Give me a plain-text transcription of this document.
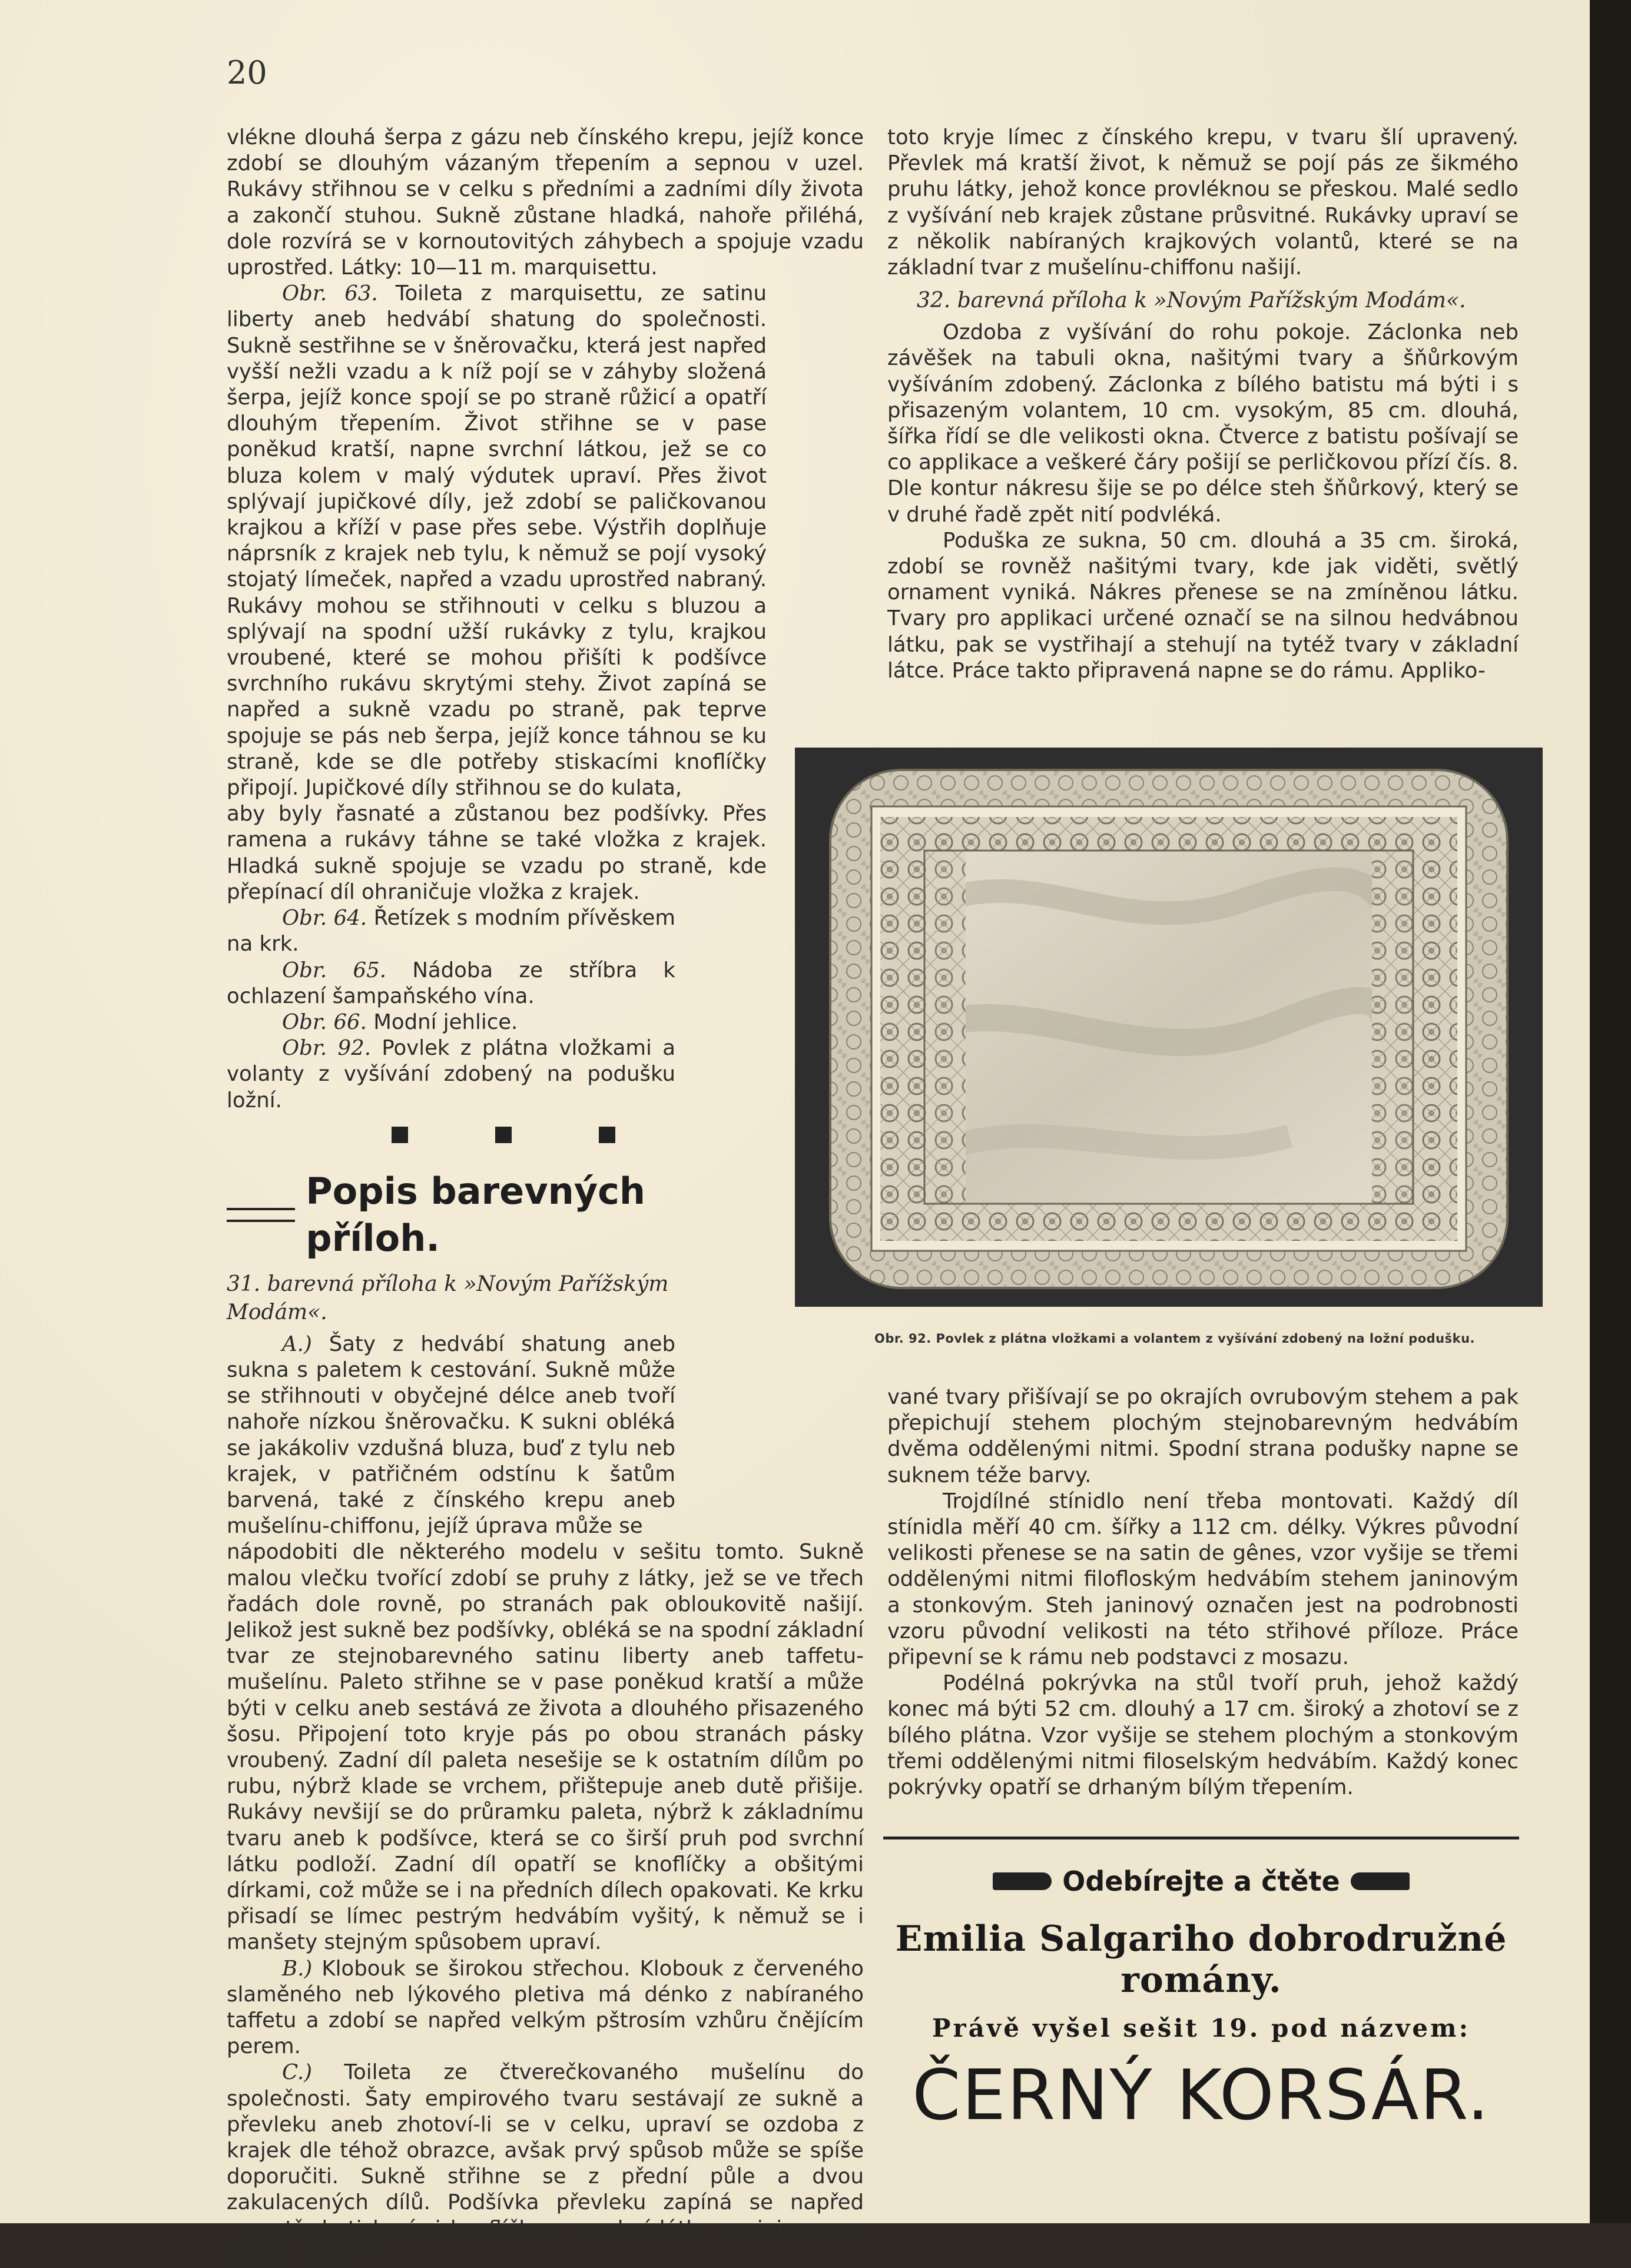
20

vlékne dlouhá šerpa z gázu neb čínského krepu, jejíž konce zdobí se dlouhým vázaným třepením a sepnou v uzel. Rukávy střihnou se v celku s předními a zadními díly života a zakončí stuhou. Sukně zůstane hladká, nahoře přiléhá, dole rozvírá se v kornoutovitých záhybech a spojuje vzadu uprostřed. Látky: 10—11 m. marquisettu.

Obr. 63. Toileta z marquisettu, ze satinu liberty aneb hedvábí shatung do společnosti. Sukně sestřihne se v šněrovačku, která jest napřed vyšší nežli vzadu a k níž pojí se v záhyby složená šerpa, jejíž konce spojí se po straně růžicí a opatří dlouhým třepením. Život střihne se v pase poněkud kratší, napne svrchní látkou, jež se co bluza kolem v malý výdutek upraví. Přes život splývají jupičkové díly, jež zdobí se paličkovanou krajkou a kříží v pase přes sebe. Výstřih doplňuje náprsník z krajek neb tylu, k němuž se pojí vysoký stojatý límeček, napřed a vzadu uprostřed nabraný. Rukávy mohou se střihnouti v celku s bluzou a splývají na spodní užší rukávky z tylu, krajkou vroubené, které se mohou přišíti k podšívce svrchního rukávu skrytými stehy. Život zapíná se napřed a sukně vzadu po straně, pak teprve spojuje se pás neb šerpa, jejíž konce táhnou se ku straně, kde se dle potřeby stiskacími knoflíčky připojí. Jupičkové díly střihnou se do kulata,

aby byly řasnaté a zůstanou bez podšívky. Přes ramena a rukávy táhne se také vložka z krajek. Hladká sukně spojuje se vzadu po straně, kde přepínací díl ohraničuje vložka z krajek.

Obr. 64. Řetízek s modním přívěskem na krk.

Obr. 65. Nádoba ze stříbra k ochlazení šampaňského vína.

Obr. 66. Modní jehlice.

Obr. 92. Povlek z plátna vložkami a volanty z vyšívání zdobený na podušku ložní.

Popis barevných příloh.
31. barevná příloha k »Novým Pařížským Modám«.

A.) Šaty z hedvábí shatung aneb sukna s paletem k cestování. Sukně může se střihnouti v obyčejné délce aneb tvoří nahoře nízkou šněrovačku. K sukni obléká se jakákoliv vzdušná bluza, buď z tylu neb krajek, v patřičném odstínu k šatům barvená, také z čínského krepu aneb mušelínu-chiffonu, jejíž úprava může se

nápodobiti dle některého modelu v sešitu tomto. Sukně malou vlečku tvořící zdobí se pruhy z látky, jež se ve třech řadách dole rovně, po stranách pak obloukovitě našijí. Jelikož jest sukně bez podšívky, obléká se na spodní základní tvar ze stejnobarevného satinu liberty aneb taffetu-mušelínu. Paleto střihne se v pase poněkud kratší a může býti v celku aneb sestává ze života a dlouhého přisazeného šosu. Připojení toto kryje pás po obou stranách pásky vroubený. Zadní díl paleta nesešije se k ostatním dílům po rubu, nýbrž klade se vrchem, přištepuje aneb dutě přišije. Rukávy nevšijí se do průramku paleta, nýbrž k základnímu tvaru aneb k podšívce, která se co širší pruh pod svrchní látku podloží. Zadní díl opatří se knoflíčky a obšitými dírkami, což může se i na předních dílech opakovati. Ke krku přisadí se límec pestrým hedvábím vyšitý, k němuž se i manšety stejným spůsobem upraví.

B.) Klobouk se širokou střechou. Klobouk z červeného slaměného neb lýkového pletiva má dénko z nabíraného taffetu a zdobí se napřed velkým pštrosím vzhůru čnějícím perem.

C.) Toileta ze čtverečkovaného mušelínu do společnosti. Šaty empirového tvaru sestávají ze sukně a převleku aneb zhotoví-li se v celku, upraví se ozdoba z krajek dle téhož obrazce, avšak prvý spůsob může se spíše doporučiti. Sukně střihne se z přední půle a dvou zakulacených dílů. Podšívka převleku zapíná se napřed uprostřed stiskacími knoflíčky a svrchní látka spojuje se po straně. Spojení

toto kryje límec z čínského krepu, v tvaru šlí upravený. Převlek má kratší život, k němuž se pojí pás ze šikmého pruhu látky, jehož konce provléknou se přeskou. Malé sedlo z vyšívání neb krajek zůstane průsvitné. Rukávky upraví se z několik nabíraných krajkových volantů, které se na základní tvar z mušelínu-chiffonu našijí.

32. barevná příloha k »Novým Pařížským Modám«.

Ozdoba z vyšívání do rohu pokoje. Záclonka neb závěšek na tabuli okna, našitými tvary a šňůrkovým vyšíváním zdobený. Záclonka z bílého batistu má býti i s přisazeným volantem, 10 cm. vysokým, 85 cm. dlouhá, šířka řídí se dle velikosti okna. Čtverce z batistu pošívají se co applikace a veškeré čáry pošijí se perličkovou přízí čís. 8. Dle kontur nákresu šije se po délce steh šňůrkový, který se v druhé řadě zpět nití podvléká.

Poduška ze sukna, 50 cm. dlouhá a 35 cm. široká, zdobí se rovněž našitými tvary, kde jak viděti, světlý ornament vyniká. Nákres přenese se na zmíněnou látku. Tvary pro applikaci určené označí se na silnou hedvábnou látku, pak se vystřihají a stehují na tytéž tvary v základní látce. Práce takto připravená napne se do rámu. Appliko-

Obr. 92. Povlek z plátna vložkami a volantem z vyšívání zdobený na ložní podušku.

vané tvary přišívají se po okrajích ovrubovým stehem a pak přepichují stehem plochým stejnobarevným hedvábím dvěma oddělenými nitmi. Spodní strana podušky napne se suknem téže barvy.

Trojdílné stínidlo není třeba montovati. Každý díl stínidla měří 40 cm. šířky a 112 cm. délky. Výkres původní velikosti přenese se na satin de gênes, vzor vyšije se třemi oddělenými nitmi filofloským hedvábím stehem janinovým a stonkovým. Steh janinový označen jest na podrobnosti vzoru původní velikosti na této střihové příloze. Práce připevní se k rámu neb podstavci z mosazu.

Podélná pokrývka na stůl tvoří pruh, jehož každý konec má býti 52 cm. dlouhý a 17 cm. široký a zhotoví se z bílého plátna. Vzor vyšije se stehem plochým a stonkovým třemi oddělenými nitmi filoselským hedvábím. Každý konec pokrývky opatří se drhaným bílým třepením.

Odebírejte a čtěte
Emilia Salgariho dobrodružné romány.
Právě vyšel sešit 19. pod názvem:
ČERNÝ KORSÁR.
